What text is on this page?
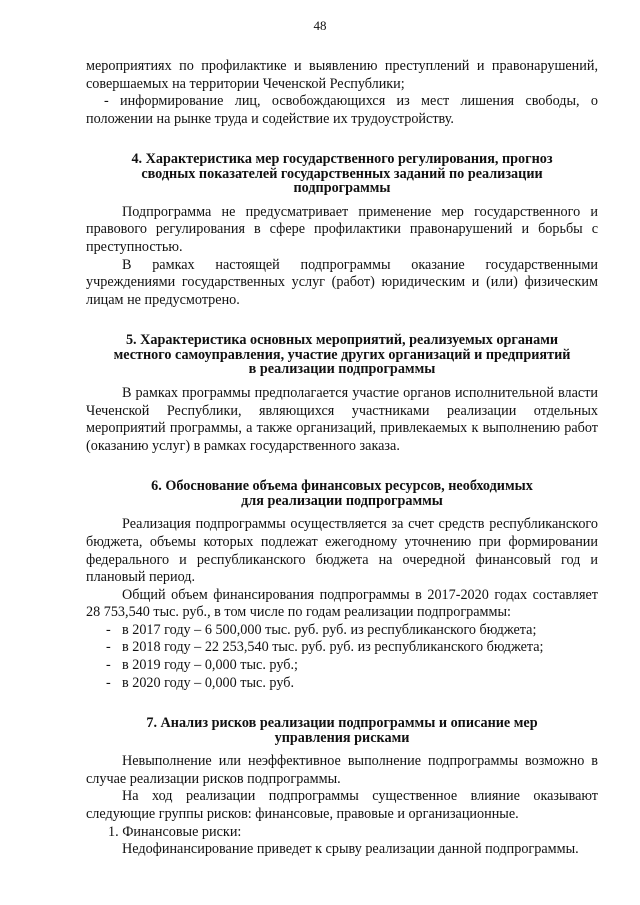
48

мероприятиях по профилактике и выявлению преступлений и правонарушений, совершаемых на территории Чеченской Республики;

- информирование лиц, освобождающихся из мест лишения свободы, о положении на рынке труда и содействие их трудоустройству.

4. Характеристика мер государственного регулирования, прогноз
сводных показателей государственных заданий по реализации
подпрограммы

Подпрограмма не предусматривает применение мер государственного и правового регулирования в сфере профилактики правонарушений и борьбы с преступностью.

В рамках настоящей подпрограммы оказание государственными учреждениями государственных услуг (работ) юридическим и (или) физическим лицам не предусмотрено.

5. Характеристика основных мероприятий, реализуемых органами
местного самоуправления, участие других организаций и предприятий
в реализации подпрограммы

В рамках программы предполагается участие органов исполнительной власти Чеченской Республики, являющихся участниками реализации отдельных мероприятий программы, а также организаций, привлекаемых к выполнению работ (оказанию услуг) в рамках государственного заказа.

6. Обоснование объема финансовых ресурсов, необходимых
для реализации подпрограммы

Реализация подпрограммы осуществляется за счет средств республиканского бюджета, объемы которых подлежат ежегодному уточнению при формировании федерального и республиканского бюджета на очередной финансовый год и плановый период.

Общий объем финансирования подпрограммы в 2017-2020 годах составляет 28 753,540 тыс. руб., в том числе по годам реализации подпрограммы:

- в 2017 году – 6 500,000 тыс. руб. руб. из республиканского бюджета;
- в 2018 году – 22 253,540 тыс. руб. руб. из республиканского бюджета;
- в 2019 году – 0,000 тыс. руб.;
- в 2020 году – 0,000 тыс. руб.
7. Анализ рисков реализации подпрограммы и описание мер
управления рисками

Невыполнение или неэффективное выполнение подпрограммы возможно в случае реализации рисков подпрограммы.

На ход реализации подпрограммы существенное влияние оказывают следующие группы рисков: финансовые, правовые и организационные.

1. Финансовые риски:

Недофинансирование приведет к срыву реализации данной подпрограммы.
